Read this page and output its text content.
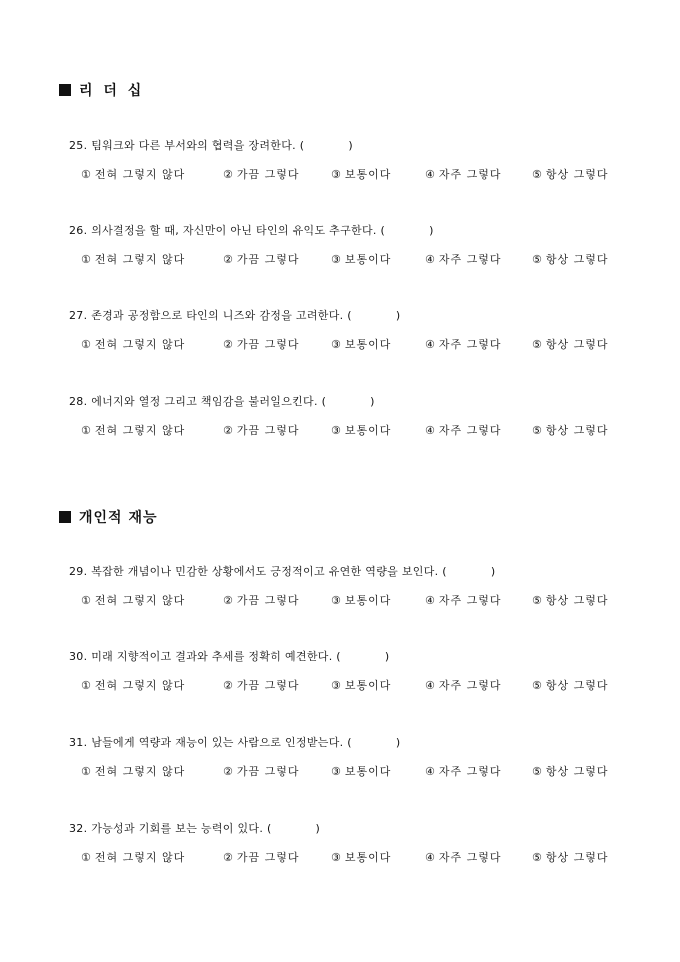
리 더 십
25. 팀워크와 다른 부서와의 협력을 장려한다. (	)
① 전혀 그렇지 않다	② 가끔 그렇다	③ 보통이다	④ 자주 그렇다	⑤ 항상 그렇다
26. 의사결정을 할 때, 자신만이 아닌 타인의 유익도 추구한다. (	)
① 전혀 그렇지 않다	② 가끔 그렇다	③ 보통이다	④ 자주 그렇다	⑤ 항상 그렇다
27. 존경과 공정함으로 타인의 니즈와 감정을 고려한다. (	)
① 전혀 그렇지 않다	② 가끔 그렇다	③ 보통이다	④ 자주 그렇다	⑤ 항상 그렇다
28. 에너지와 열정 그리고 책임감을 불러일으킨다. (	)
① 전혀 그렇지 않다	② 가끔 그렇다	③ 보통이다	④ 자주 그렇다	⑤ 항상 그렇다
개인적 재능
29. 복잡한 개념이나 민감한 상황에서도 긍정적이고 유연한 역량을 보인다. (	)
① 전혀 그렇지 않다	② 가끔 그렇다	③ 보통이다	④ 자주 그렇다	⑤ 항상 그렇다
30. 미래 지향적이고 결과와 추세를 정확히 예견한다. (	)
① 전혀 그렇지 않다	② 가끔 그렇다	③ 보통이다	④ 자주 그렇다	⑤ 항상 그렇다
31. 남들에게 역량과 재능이 있는 사람으로 인정받는다. (	)
① 전혀 그렇지 않다	② 가끔 그렇다	③ 보통이다	④ 자주 그렇다	⑤ 항상 그렇다
32. 가능성과 기회를 보는 능력이 있다. (	)
① 전혀 그렇지 않다	② 가끔 그렇다	③ 보통이다	④ 자주 그렇다	⑤ 항상 그렇다
